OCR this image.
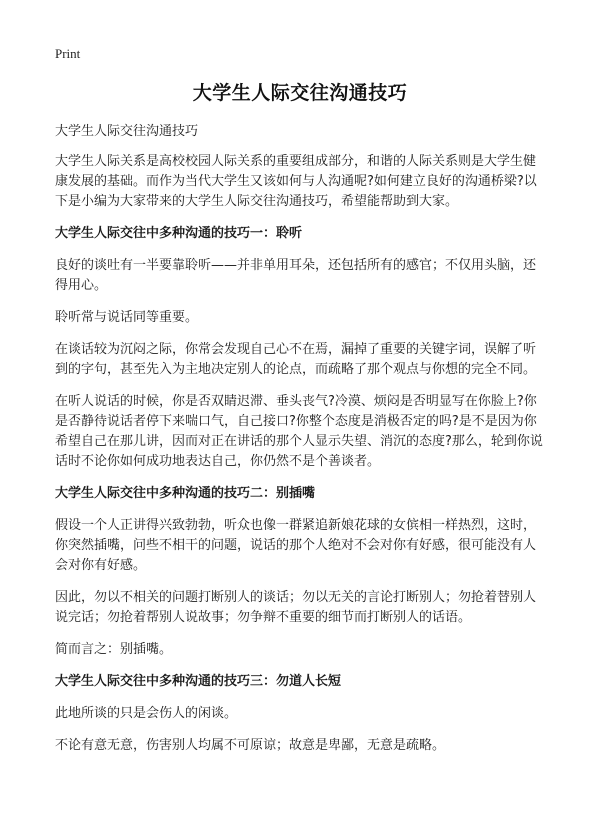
Print
大学生人际交往沟通技巧

大学生人际交往沟通技巧

大学生人际关系是高校校园人际关系的重要组成部分，和谐的人际关系则是大学生健康发展的基础。而作为当代大学生又该如何与人沟通呢?如何建立良好的沟通桥梁?以下是小编为大家带来的大学生人际交往沟通技巧，希望能帮助到大家。

大学生人际交往中多种沟通的技巧一：聆听

良好的谈吐有一半要靠聆听——并非单用耳朵，还包括所有的感官；不仅用头脑，还得用心。

聆听常与说话同等重要。

在谈话较为沉闷之际，你常会发现自己心不在焉，漏掉了重要的关键字词，误解了听到的字句，甚至先入为主地决定别人的论点，而疏略了那个观点与你想的完全不同。

在听人说话的时候，你是否双睛迟滞、垂头丧气?冷漠、烦闷是否明显写在你脸上?你是否静待说话者停下来喘口气，自己接口?你整个态度是消极否定的吗?是不是因为你希望自己在那儿讲，因而对正在讲话的那个人显示失望、消沉的态度?那么，轮到你说话时不论你如何成功地表达自己，你仍然不是个善谈者。

大学生人际交往中多种沟通的技巧二：别插嘴

假设一个人正讲得兴致勃勃，听众也像一群紧追新娘花球的女傧相一样热烈，这时，你突然插嘴，问些不相干的问题，说话的那个人绝对不会对你有好感，很可能没有人会对你有好感。

因此，勿以不相关的问题打断别人的谈话；勿以无关的言论打断别人；勿抢着替别人说完话；勿抢着帮别人说故事；勿争辩不重要的细节而打断别人的话语。

简而言之：别插嘴。

大学生人际交往中多种沟通的技巧三：勿道人长短

此地所谈的只是会伤人的闲谈。

不论有意无意，伤害别人均属不可原谅；故意是卑鄙，无意是疏略。
